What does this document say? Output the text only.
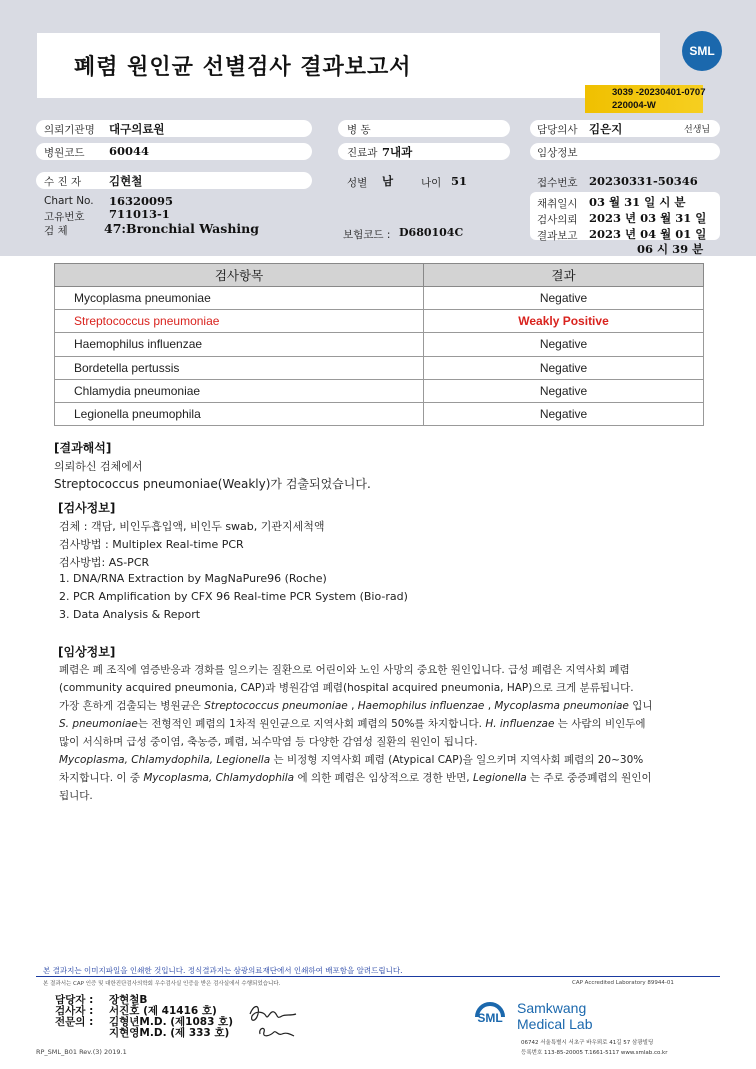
폐렴 원인균 선별검사 결과보고서
SML
3039 -20230401-0707
220004-W
의뢰기관명 대구의료원
병원코드 60044
수 진 자 김현철
Chart No. 16320095
고유번호 711013-1
검 체	47:Bronchial Washing
병 동
진료과 7내과
성별 남	나이 51
보험코드 : D680104C
담당의사 김은지	선생님
임상정보
접수번호 20230331-50346
채취일시 03 월 31 일 시 분
검사의뢰 2023 년 03 월 31 일
결과보고 2023 년 04 월 01 일
06 시 39 분
검사항목	결과
Mycoplasma pneumoniae	Negative
Streptococcus pneumoniae	Weakly Positive
Haemophilus influenzae	Negative
Bordetella pertussis	Negative
Chlamydia pneumoniae	Negative
Legionella pneumophila	Negative
[결과해석]
의뢰하신 검체에서
Streptococcus pneumoniae(Weakly)가 검출되었습니다.
[검사정보]
검체 : 객담, 비인두흡입액, 비인두 swab, 기관지세척액
검사방법 : Multiplex Real-time PCR
검사방법: AS-PCR
1. DNA/RNA Extraction by MagNaPure96 (Roche)
2. PCR Amplification by CFX 96 Real-time PCR System (Bio-rad)
3. Data Analysis & Report
[임상정보]
폐렴은 폐 조직에 염증반응과 경화를 일으키는 질환으로 어린이와 노인 사망의 중요한 원인입니다. 급성 폐렴은 지역사회 폐렴
(community acquired pneumonia, CAP)과 병원감염 폐렴(hospital acquired pneumonia, HAP)으로 크게 분류됩니다.
가장 흔하게 검출되는 병원균은 Streptococcus pneumoniae , Haemophilus influenzae , Mycoplasma pneumoniae 입니
S. pneumoniae는 전형적인 폐렴의 1차적 원인균으로 지역사회 폐렴의 50%를 차지합니다. H. influenzae 는 사람의 비인두에
많이 서식하며 급성 중이염, 축농증, 폐렴, 뇌수막염 등 다양한 감염성 질환의 원인이 됩니다.
Mycoplasma, Chlamydophila, Legionella 는 비정형 지역사회 폐렴 (Atypical CAP)을 일으키며 지역사회 폐렴의 20~30%
차지합니다. 이 중 Mycoplasma, Chlamydophila 에 의한 폐렴은 임상적으로 경한 반면, Legionella 는 주로 중증폐렴의 원인이
됩니다.
본 결과지는 이미지파일을 인쇄한 것입니다. 정식결과지는 삼광의료재단에서 인쇄하여 배포함을 알려드립니다.
본 결과서는 CAP 인증 및 대한진단검사의학회 우수검사실 인증을 받은 검사실에서 수행되었습니다.	CAP Accredited Laboratory 89944-01
담당자 : 장현철B
검사자 : 서진호 (제 41416 호)
전문의 : 김형년M.D. (제1083 호)
지현영M.D. (제 333 호)
SML
Samkwang
Medical Lab
06742 서울특별시 서초구 바우뫼로 41길 57 삼광빌딩
등록번호 113-85-20005 T.1661-5117 www.smlab.co.kr
RP_SML_B01 Rev.(3) 2019.1
